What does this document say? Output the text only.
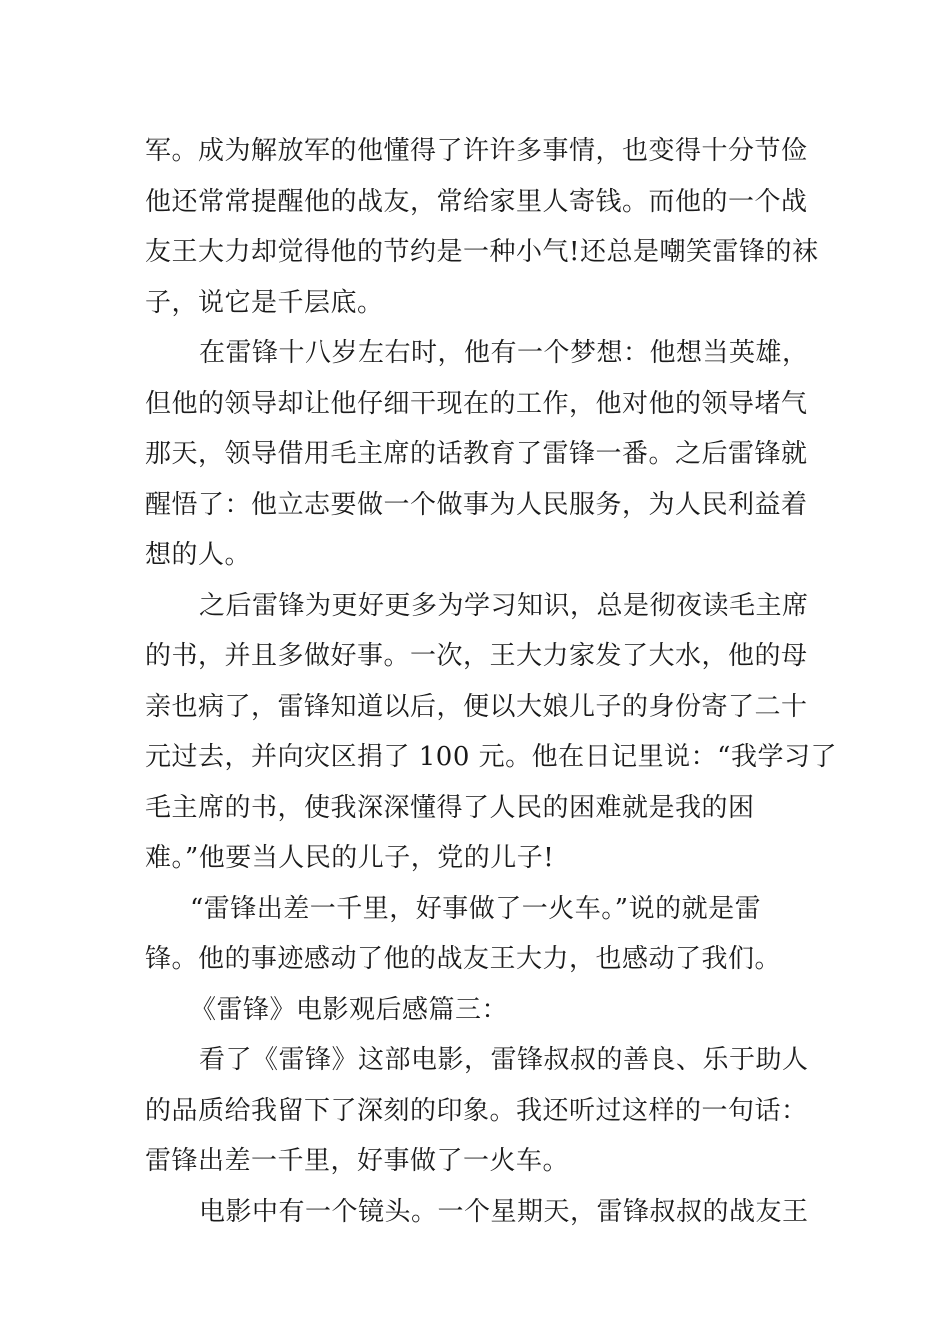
军。成为解放军的他懂得了许许多事情，也变得十分节俭
他还常常提醒他的战友，常给家里人寄钱。而他的一个战
友王大力却觉得他的节约是一种小气!还总是嘲笑雷锋的袜
子，说它是千层底。
在雷锋十八岁左右时，他有一个梦想：他想当英雄，
但他的领导却让他仔细干现在的工作，他对他的领导堵气
那天，领导借用毛主席的话教育了雷锋一番。之后雷锋就
醒悟了：他立志要做一个做事为人民服务，为人民利益着
想的人。
之后雷锋为更好更多为学习知识，总是彻夜读毛主席
的书，并且多做好事。一次，王大力家发了大水，他的母
亲也病了，雷锋知道以后，便以大娘儿子的身份寄了二十
元过去，并向灾区捐了 100 元。他在日记里说：“我学习了
毛主席的书，使我深深懂得了人民的困难就是我的困
难。”他要当人民的儿子，党的儿子!
“雷锋出差一千里，好事做了一火车。”说的就是雷
锋。他的事迹感动了他的战友王大力，也感动了我们。
《雷锋》电影观后感篇三：
看了《雷锋》这部电影，雷锋叔叔的善良、乐于助人
的品质给我留下了深刻的印象。我还听过这样的一句话：
雷锋出差一千里，好事做了一火车。
电影中有一个镜头。一个星期天，雷锋叔叔的战友王
